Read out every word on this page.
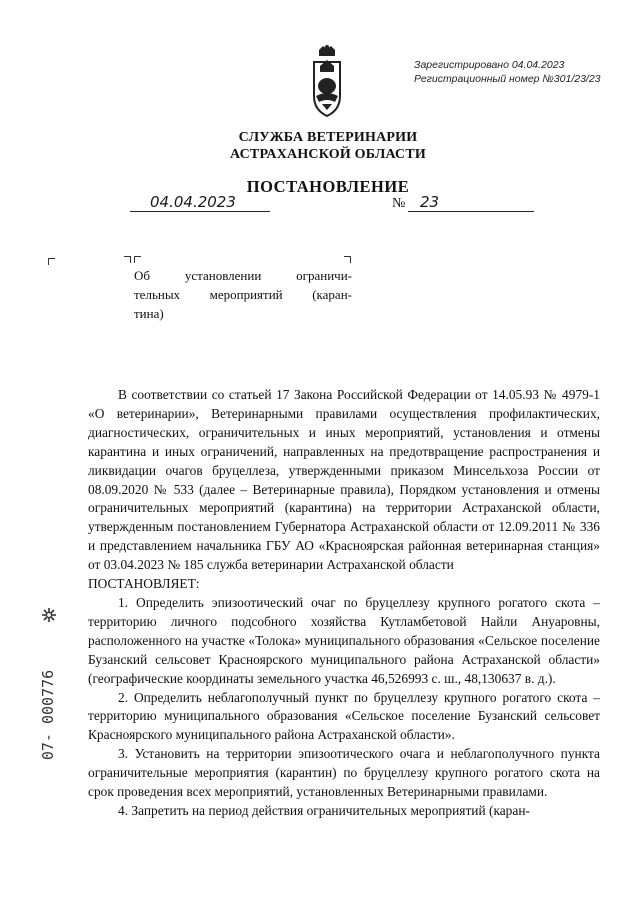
Зарегистрировано 04.04.2023
Регистрационный номер №301/23/23
СЛУЖБА ВЕТЕРИНАРИИ
АСТРАХАНСКОЙ ОБЛАСТИ
ПОСТАНОВЛЕНИЕ
04.04.2023	№ 23
Об установлении ограничи-
тельных мероприятий (каран-
тина)

В соответствии со статьей 17 Закона Российской Федерации от 14.05.93 № 4979-1 «О ветеринарии», Ветеринарными правилами осуществления профилактических, диагностических, ограничительных и иных мероприятий, установления и отмены карантина и иных ограничений, направленных на предотвращение распространения и ликвидации очагов бруцеллеза, утвержденными приказом Минсельхоза России от 08.09.2020 № 533 (далее – Ветеринарные правила), Порядком установления и отмены ограничительных мероприятий (карантина) на территории Астраханской области, утвержденным постановлением Губернатора Астраханской области от 12.09.2011 № 336 и представлением начальника ГБУ АО «Красноярская районная ветеринарная станция» от 03.04.2023 № 185 служба ветеринарии Астраханской области

ПОСТАНОВЛЯЕТ:

1. Определить эпизоотический очаг по бруцеллезу крупного рогатого скота – территорию личного подсобного хозяйства Кутламбетовой Найли Ануаровны, расположенного на участке «Толока» муниципального образования «Сельское поселение Бузанский сельсовет Красноярского муниципального района Астраханской области» (географические координаты земельного участка 46,526993 с. ш., 48,130637 в. д.).

2. Определить неблагополучный пункт по бруцеллезу крупного рогатого скота – территорию муниципального образования «Сельское поселение Бузанский сельсовет Красноярского муниципального района Астраханской области».

3. Установить на территории эпизоотического очага и неблагополучного пункта ограничительные мероприятия (карантин) по бруцеллезу крупного рогатого скота на срок проведения всех мероприятий, установленных Ветеринарными правилами.

4. Запретить на период действия ограничительных мероприятий (каран-

07- 000776
